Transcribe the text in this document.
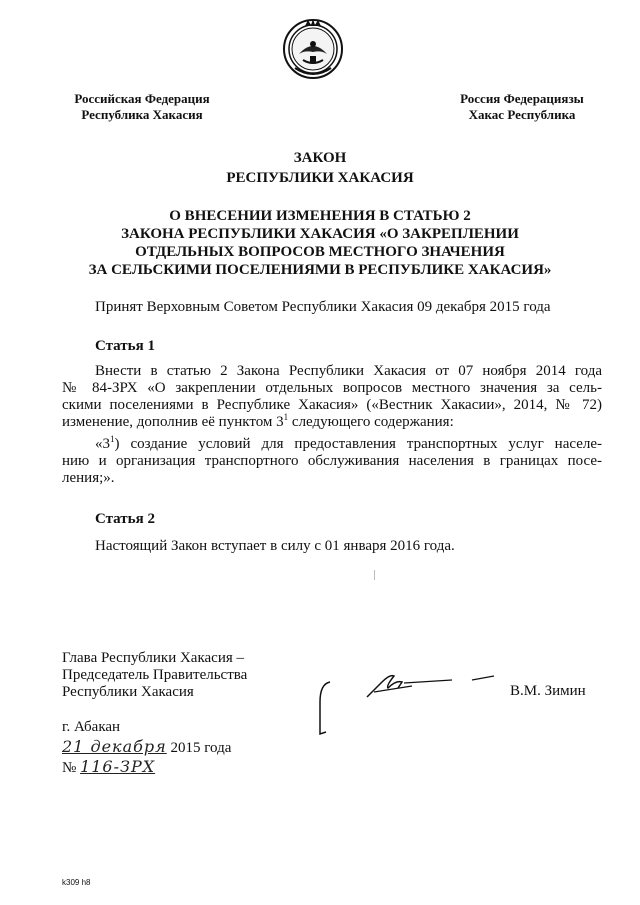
Российская Федерация
Республика Хакасия
Россия Федерациязы
Хакас Республика
ЗАКОН
РЕСПУБЛИКИ ХАКАСИЯ
О ВНЕСЕНИИ ИЗМЕНЕНИЯ В СТАТЬЮ 2
ЗАКОНА РЕСПУБЛИКИ ХАКАСИЯ «О ЗАКРЕПЛЕНИИ
ОТДЕЛЬНЫХ ВОПРОСОВ МЕСТНОГО ЗНАЧЕНИЯ
ЗА СЕЛЬСКИМИ ПОСЕЛЕНИЯМИ В РЕСПУБЛИКЕ ХАКАСИЯ»
Принят Верховным Советом Республики Хакасия 09 декабря 2015 года
Статья 1
Внести в статью 2 Закона Республики Хакасия от 07 ноября 2014 года
№ 84-ЗРХ «О закреплении отдельных вопросов местного значения за сель-
скими поселениями в Республике Хакасия» («Вестник Хакасии», 2014, № 72)
изменение, дополнив её пунктом $3^1$ следующего содержания:
«$3^1$) создание условий для предоставления транспортных услуг населе-
нию и организация транспортного обслуживания населения в границах посе-
ления;».
Статья 2
Настоящий Закон вступает в силу с 01 января 2016 года.
Глава Республики Хакасия –
Председатель Правительства
Республики Хакасия	В.М. Зимин
г. Абакан
21 декабря 2015 года
№ 116-ЗРХ
k309 h8
